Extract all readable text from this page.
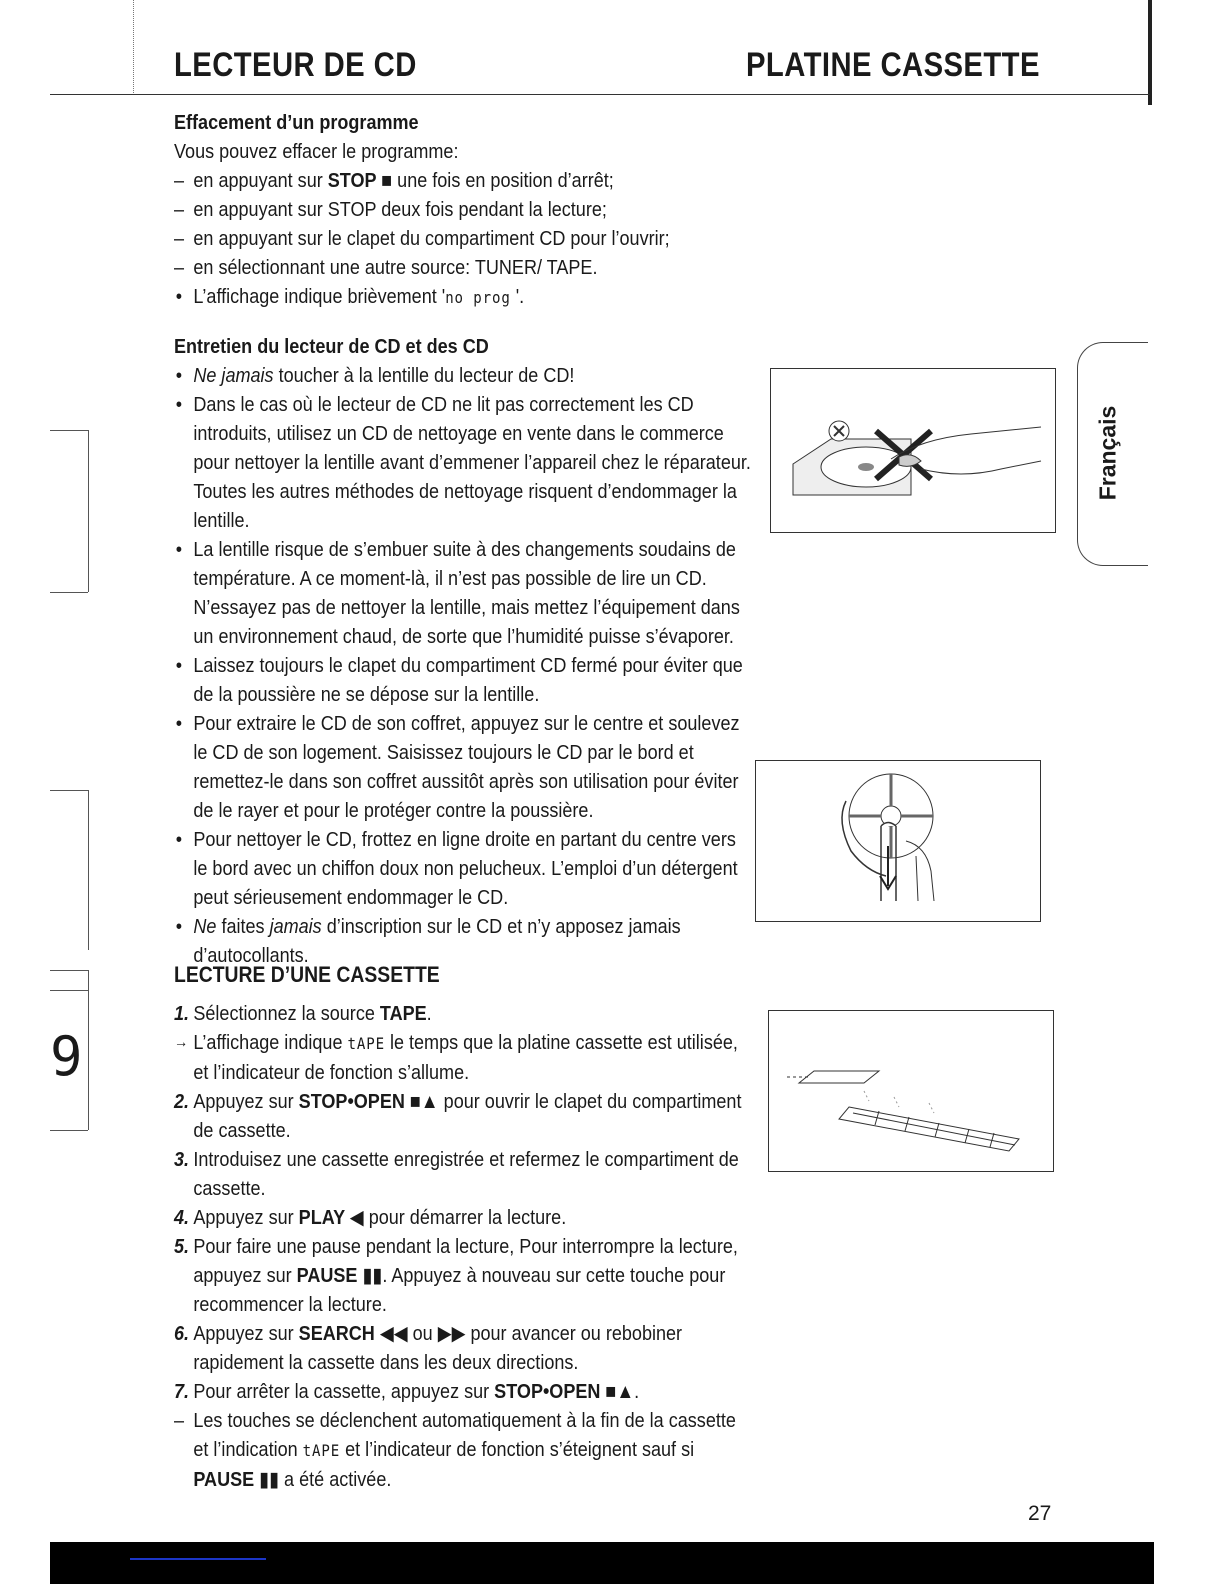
LECTEUR DE CD	PLATINE CASSETTE

Effacement d’un programme

Vous pouvez effacer le programme:

– en appuyant sur STOP ■ une fois en position d’arrêt;

– en appuyant sur STOP deux fois pendant la lecture;

– en appuyant sur le clapet du compartiment CD pour l’ouvrir;

– en sélectionnant une autre source: TUNER/ TAPE.

• L’affichage indique brièvement 'no prog '.

Entretien du lecteur de CD et des CD

• Ne jamais toucher à la lentille du lecteur de CD!

• Dans le cas où le lecteur de CD ne lit pas correctement les CD introduits, utilisez un CD de nettoyage en vente dans le commerce pour nettoyer la lentille avant d’emmener l’appareil chez le réparateur. Toutes les autres méthodes de nettoyage risquent d’endommager la lentille.

• La lentille risque de s’embuer suite à des changements soudains de température. A ce moment-là, il n’est pas possible de lire un CD. N’essayez pas de nettoyer la lentille, mais mettez l’équipement dans un environnement chaud, de sorte que l’humidité puisse s’évaporer.

• Laissez toujours le clapet du compartiment CD fermé pour éviter que de la poussière ne se dépose sur la lentille.

• Pour extraire le CD de son coffret, appuyez sur le centre et soulevez le CD de son logement. Saisissez toujours le CD par le bord et remettez-le dans son coffret aussitôt après son utilisation pour éviter de le rayer et pour le protéger contre la poussière.

• Pour nettoyer le CD, frottez en ligne droite en partant du centre vers le bord avec un chiffon doux non pelucheux. L’emploi d’un détergent peut sérieusement endommager le CD.

• Ne faites jamais d’inscription sur le CD et n’y apposez jamais d’autocollants.

LECTURE D’UNE CASSETTE

1. Sélectionnez la source TAPE.

→ L’affichage indique tAPE le temps que la platine cassette est utilisée, et l’indicateur de fonction s’allume.

2. Appuyez sur STOP•OPEN ■▲ pour ouvrir le clapet du compartiment de cassette.

3. Introduisez une cassette enregistrée et refermez le compartiment de cassette.

4. Appuyez sur PLAY ◀ pour démarrer la lecture.

5. Pour faire une pause pendant la lecture, Pour interrompre la lecture, appuyez sur PAUSE ▮▮. Appuyez à nouveau sur cette touche pour recommencer la lecture.

6. Appuyez sur SEARCH ◀◀ ou ▶▶ pour avancer ou rebobiner rapidement la cassette dans les deux directions.

7. Pour arrêter la cassette, appuyez sur STOP•OPEN ■▲.

– Les touches se déclenchent automatiquement à la fin de la cassette et l’indication tAPE et l’indicateur de fonction s’éteignent sauf si PAUSE ▮▮ a été activée.

Français
9
27
